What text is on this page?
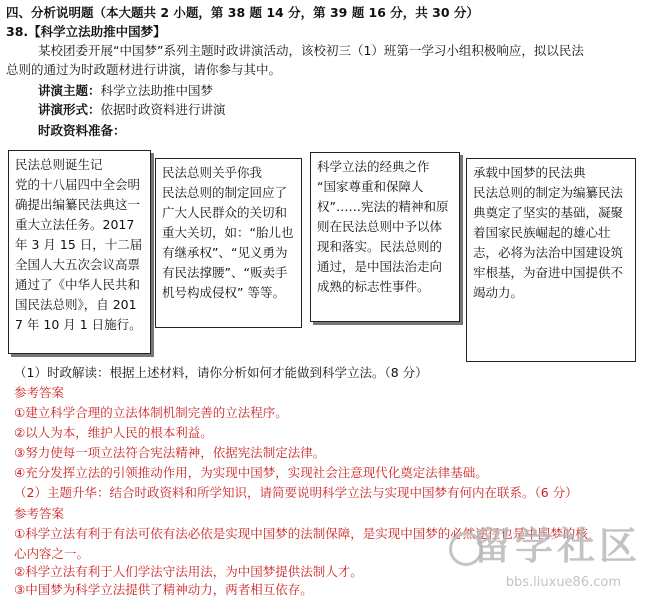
四、分析说明题（本大题共 2 小题，第 38 题 14 分，第 39 题 16 分，共 30 分）
38.【科学立法助推中国梦】
某校团委开展“中国梦”系列主题时政讲演活动，该校初三（1）班第一学习小组积极响应，拟以民法
总则的通过为时政题材进行讲演，请你参与其中。
讲演主题：科学立法助推中国梦
讲演形式：依据时政资料进行讲演
时政资料准备：

民法总则诞生记

党的十八届四中全会明确提出编纂民法典这一重大立法任务。2017 年 3 月 15 日，十二届全国人大五次会议高票通过了《中华人民共和国民法总则》，自 2017 年 10 月 1 日施行。

民法总则关乎你我

民法总则的制定回应了广大人民群众的关切和重大关切，如：“胎儿也有继承权”、“见义勇为有民法撑腰”、“贩卖手机号构成侵权” 等等。

科学立法的经典之作

“国家尊重和保障人权”……宪法的精神和原则在民法总则中予以体现和落实。民法总则的通过，是中国法治走向成熟的标志性事件。

承载中国梦的民法典

民法总则的制定为编纂民法典奠定了坚实的基础，凝聚着国家民族崛起的雄心壮志，必将为法治中国建设筑牢根基，为奋进中国提供不竭动力。

（1）时政解读：根据上述材料，请你分析如何才能做到科学立法。（8 分）
参考答案
①建立科学合理的立法体制机制完善的立法程序。
②以人为本，维护人民的根本利益。
③努力使每一项立法符合宪法精神，依据宪法制定法律。
④充分发挥立法的引领推动作用，为实现中国梦，实现社会注意现代化奠定法律基础。
（2）主题升华：结合时政资料和所学知识，请简要说明科学立法与实现中国梦有何内在联系。（6 分）
参考答案
①科学立法有利于有法可依有法必依是实现中国梦的法制保障，是实现中国梦的必然途径也是中国梦的核
心内容之一。
②科学立法有利于人们学法守法用法，为中国梦提供法制人才。
③中国梦为科学立法提供了精神动力，两者相互依存。
留学社区
bbs.liuxue86.com
